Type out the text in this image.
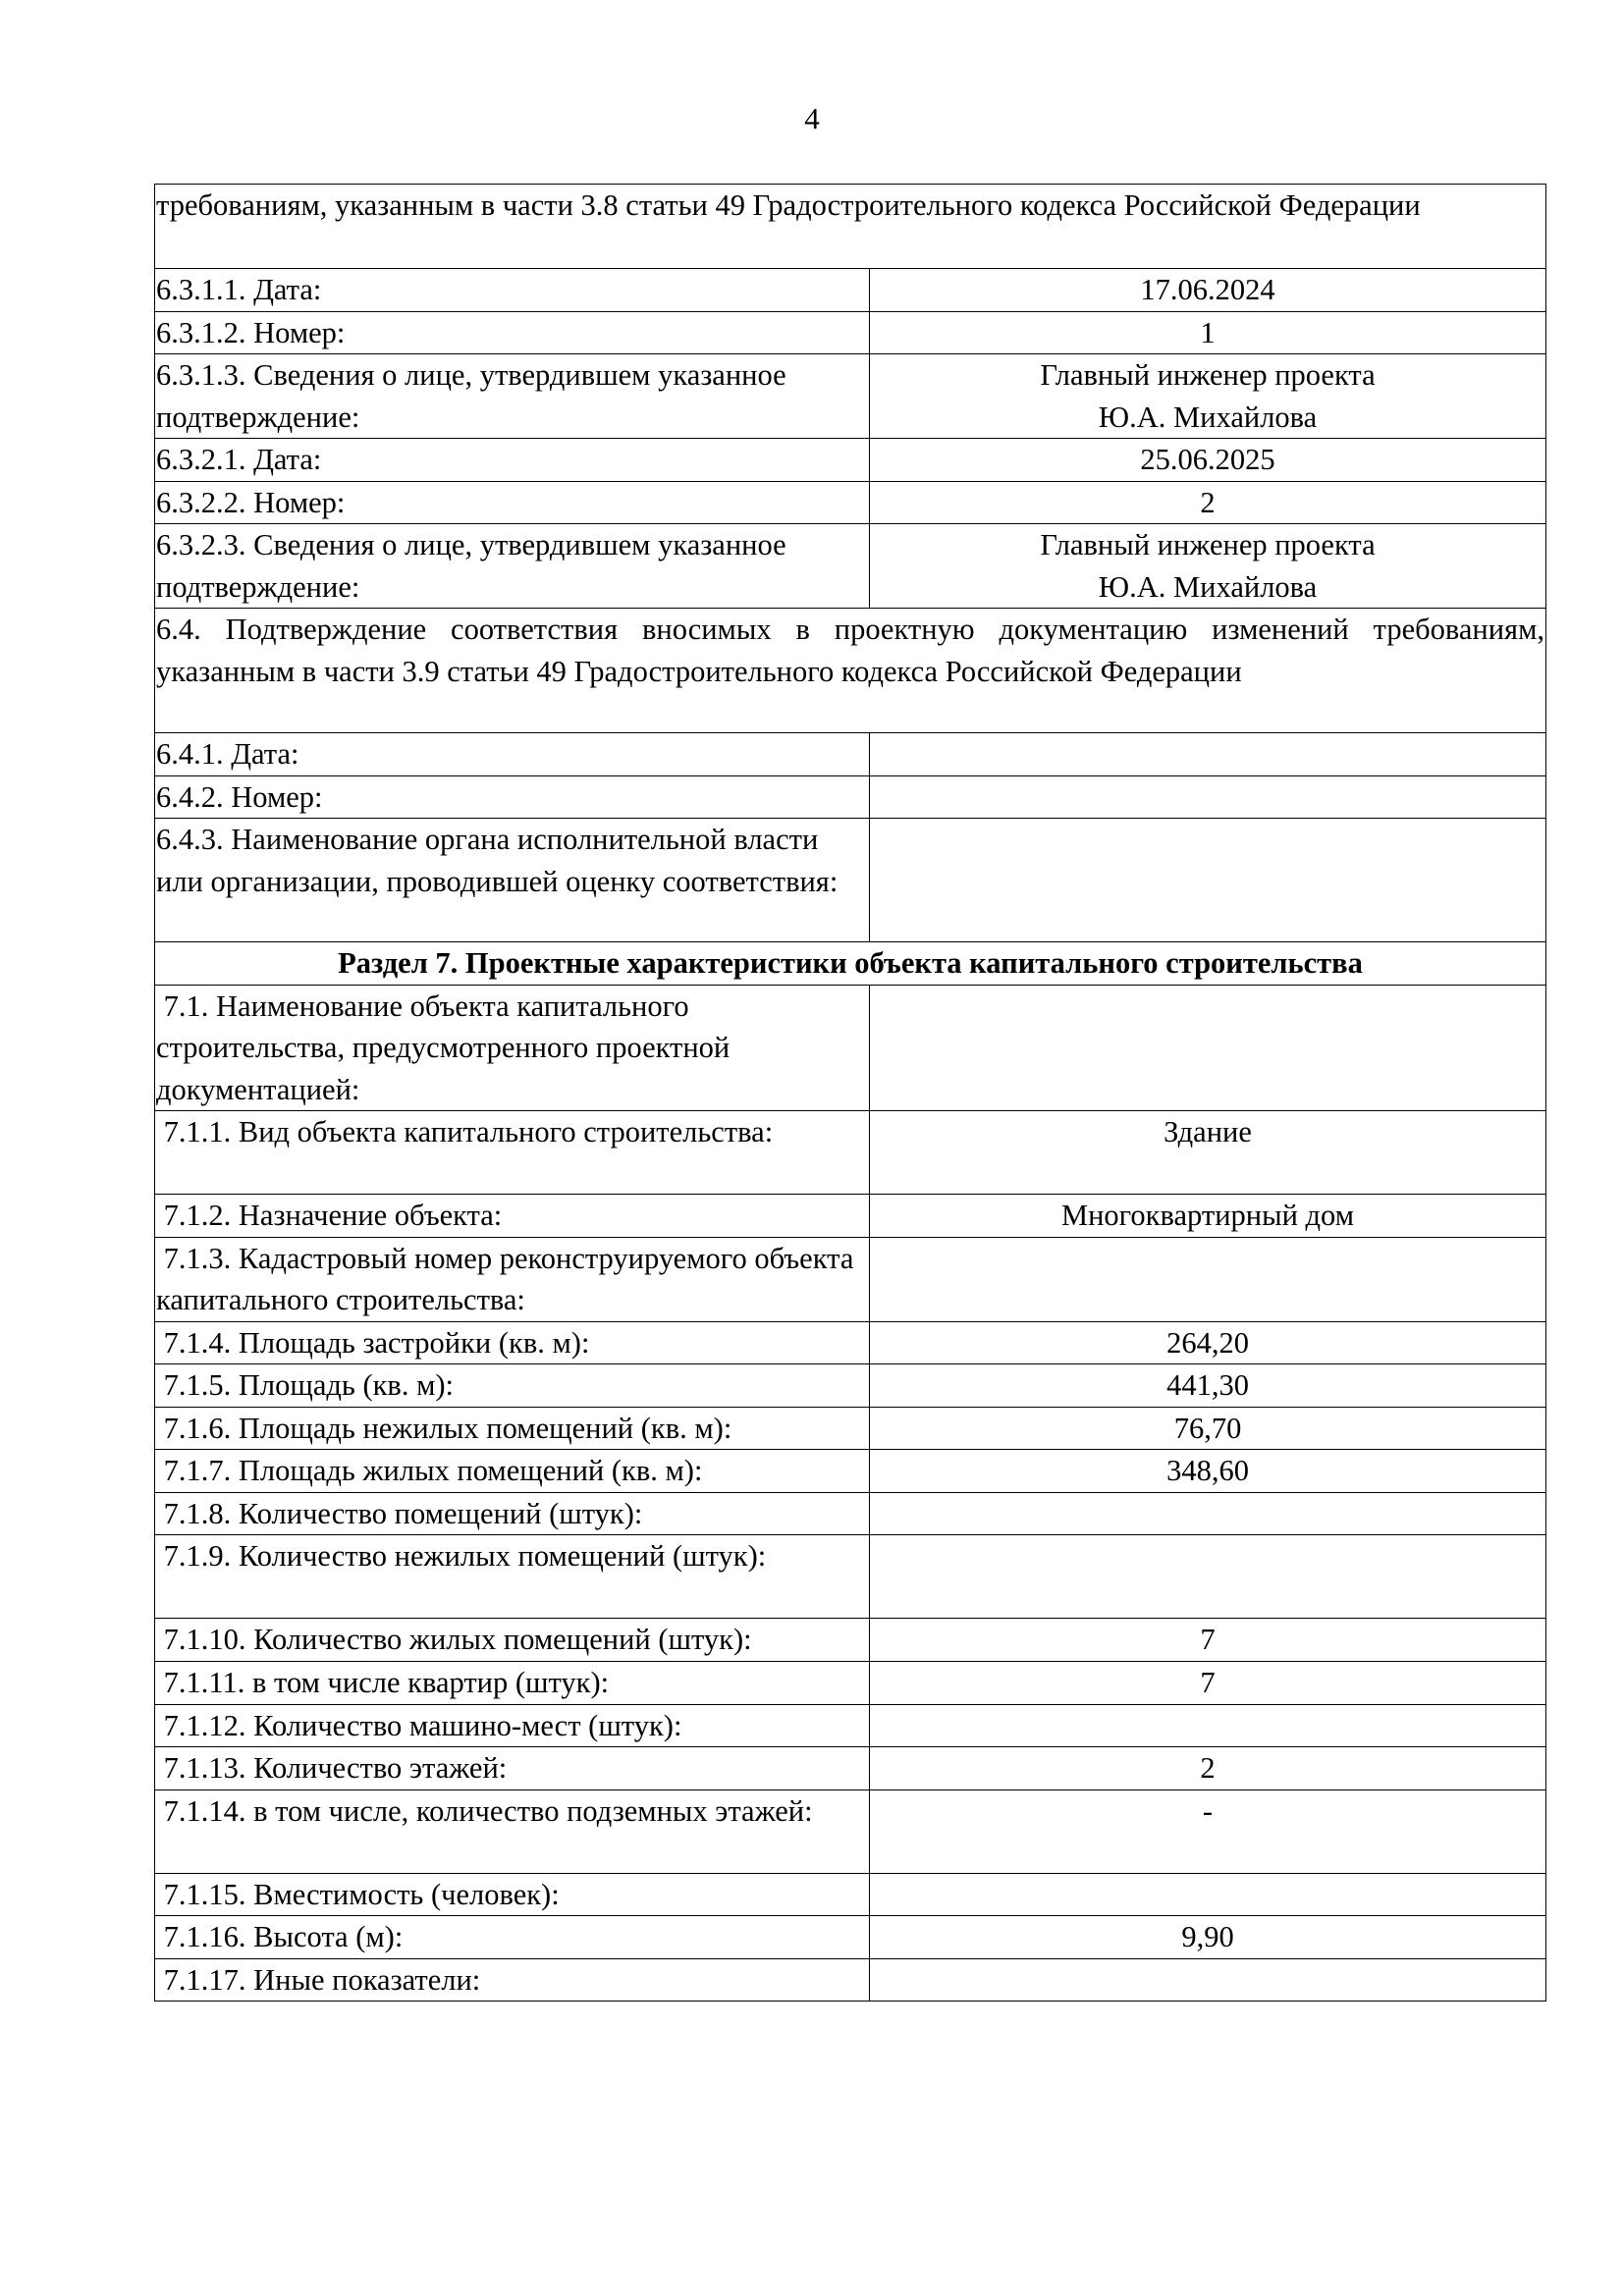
4
требованиям, указанным в части 3.8 статьи 49 Градостроительного кодекса Российской Федерации	
6.3.1.1. Дата:	17.06.2024
6.3.1.2. Номер:	1
6.3.1.3. Сведения о лице, утвердившем указанное подтверждение:	Главный инженер проекта
Ю.А. Михайлова

6.3.2.1. Дата:	25.06.2025
6.3.2.2. Номер:	2
6.3.2.3. Сведения о лице, утвердившем указанное подтверждение:	Главный инженер проекта
Ю.А. Михайлова

6.4. Подтверждение соответствия вносимых в проектную документацию изменений требованиям, указанным в части 3.9 статьи 49 Градостроительного кодекса Российской Федерации	
6.4.1. Дата:	
6.4.2. Номер:	
6.4.3. Наименование органа исполнительной власти или организации, проводившей оценку соответствия:	
Раздел 7. Проектные характеристики объекта капитального строительства	
7.1. Наименование объекта капитального строительства, предусмотренного проектной документацией:	
7.1.1. Вид объекта капитального строительства:	Здание
7.1.2. Назначение объекта:	Многоквартирный дом
7.1.3. Кадастровый номер реконструируемого объекта капитального строительства:	
7.1.4. Площадь застройки (кв. м):	264,20
7.1.5. Площадь (кв. м):	441,30
7.1.6. Площадь нежилых помещений (кв. м):	76,70
7.1.7. Площадь жилых помещений (кв. м):	348,60
7.1.8. Количество помещений (штук):	
7.1.9. Количество нежилых помещений (штук):	
7.1.10. Количество жилых помещений (штук):	7
7.1.11. в том числе квартир (штук):	7
7.1.12. Количество машино-мест (штук):	
7.1.13. Количество этажей:	2
7.1.14. в том числе, количество подземных этажей:	-
7.1.15. Вместимость (человек):	
7.1.16. Высота (м):	9,90
7.1.17. Иные показатели:	
